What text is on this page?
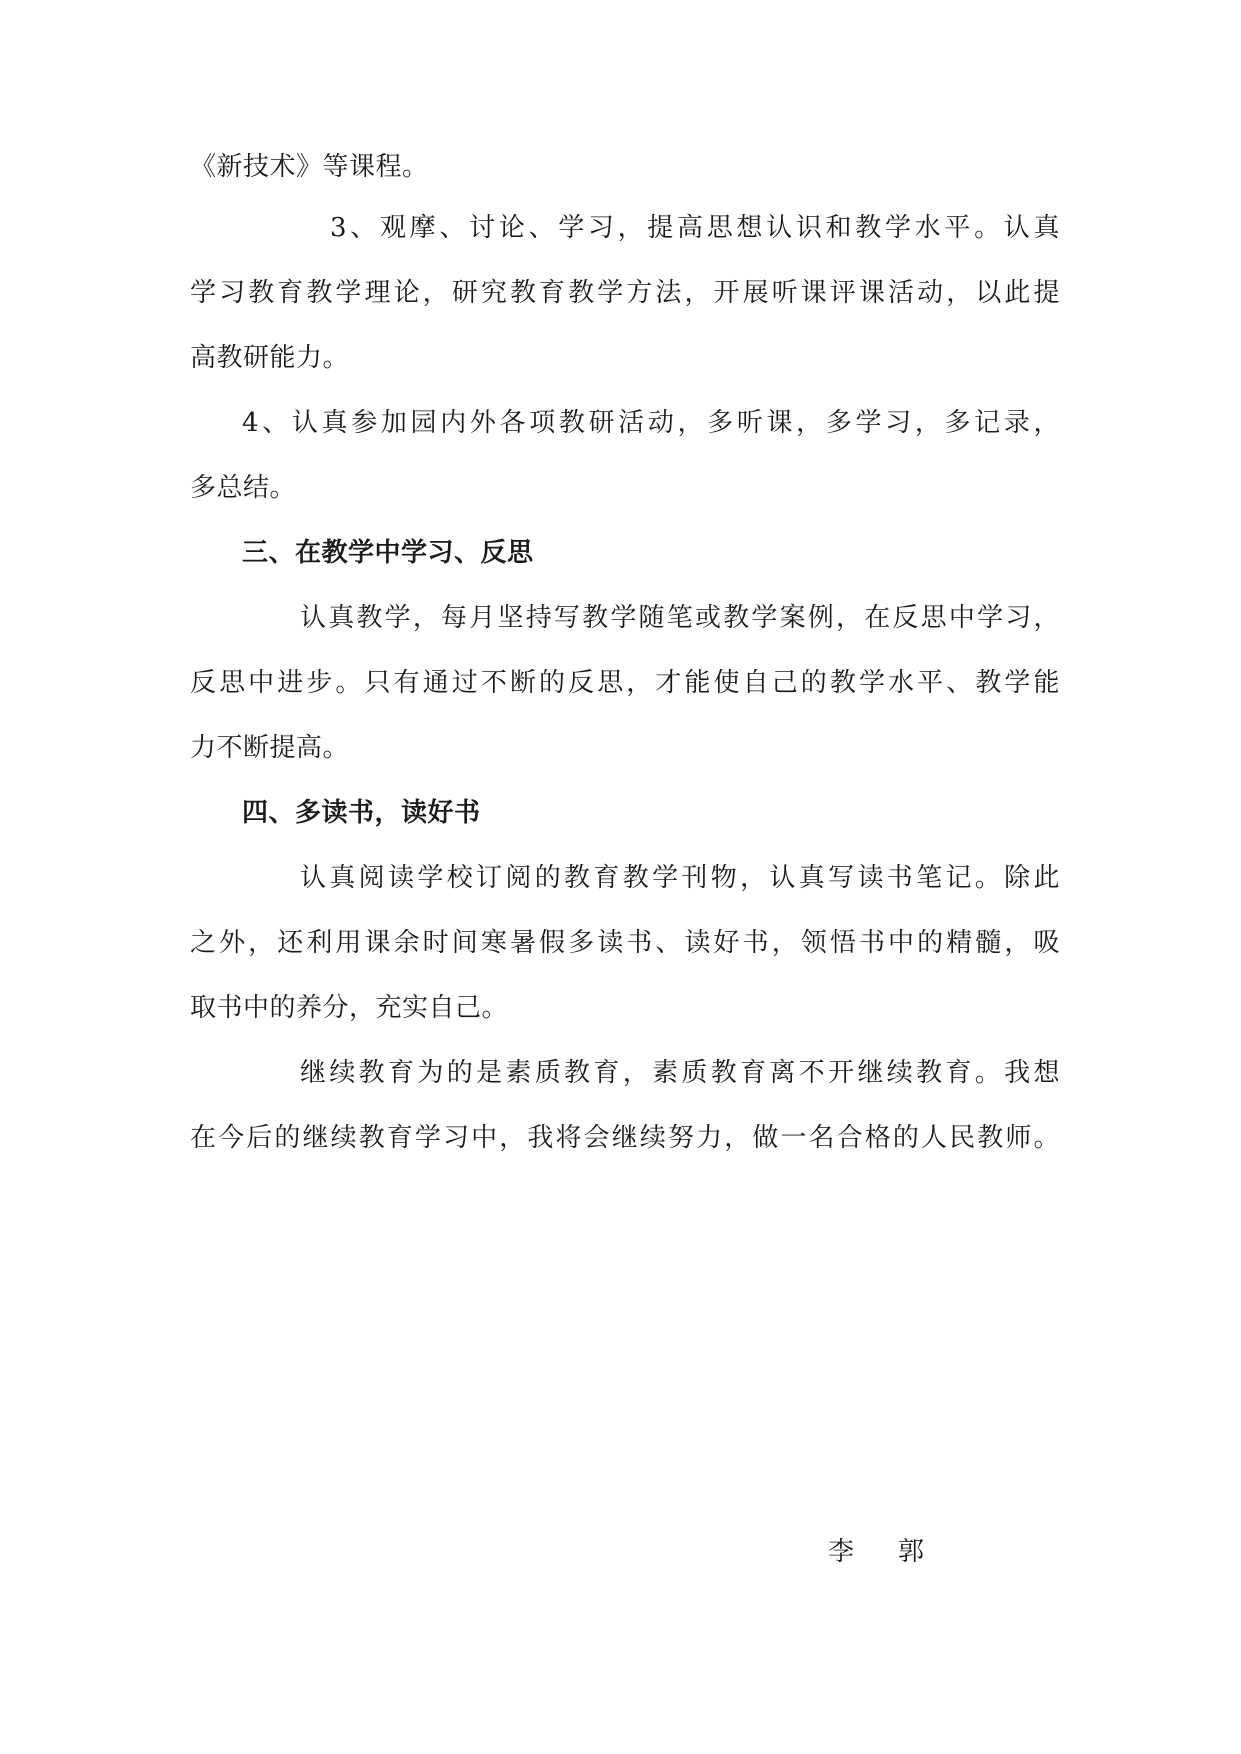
《新技术》等课程。
3、观摩、讨论、学习，提高思想认识和教学水平。认真
学习教育教学理论，研究教育教学方法，开展听课评课活动，以此提
高教研能力。
4、认真参加园内外各项教研活动，多听课，多学习，多记录，
多总结。
三、在教学中学习、反思
认真教学，每月坚持写教学随笔或教学案例，在反思中学习，
反思中进步。只有通过不断的反思，才能使自己的教学水平、教学能
力不断提高。
四、多读书，读好书
认真阅读学校订阅的教育教学刊物，认真写读书笔记。除此
之外，还利用课余时间寒暑假多读书、读好书，领悟书中的精髓，吸
取书中的养分，充实自己。
继续教育为的是素质教育，素质教育离不开继续教育。我想
在今后的继续教育学习中，我将会继续努力，做一名合格的人民教师。
李 郭
